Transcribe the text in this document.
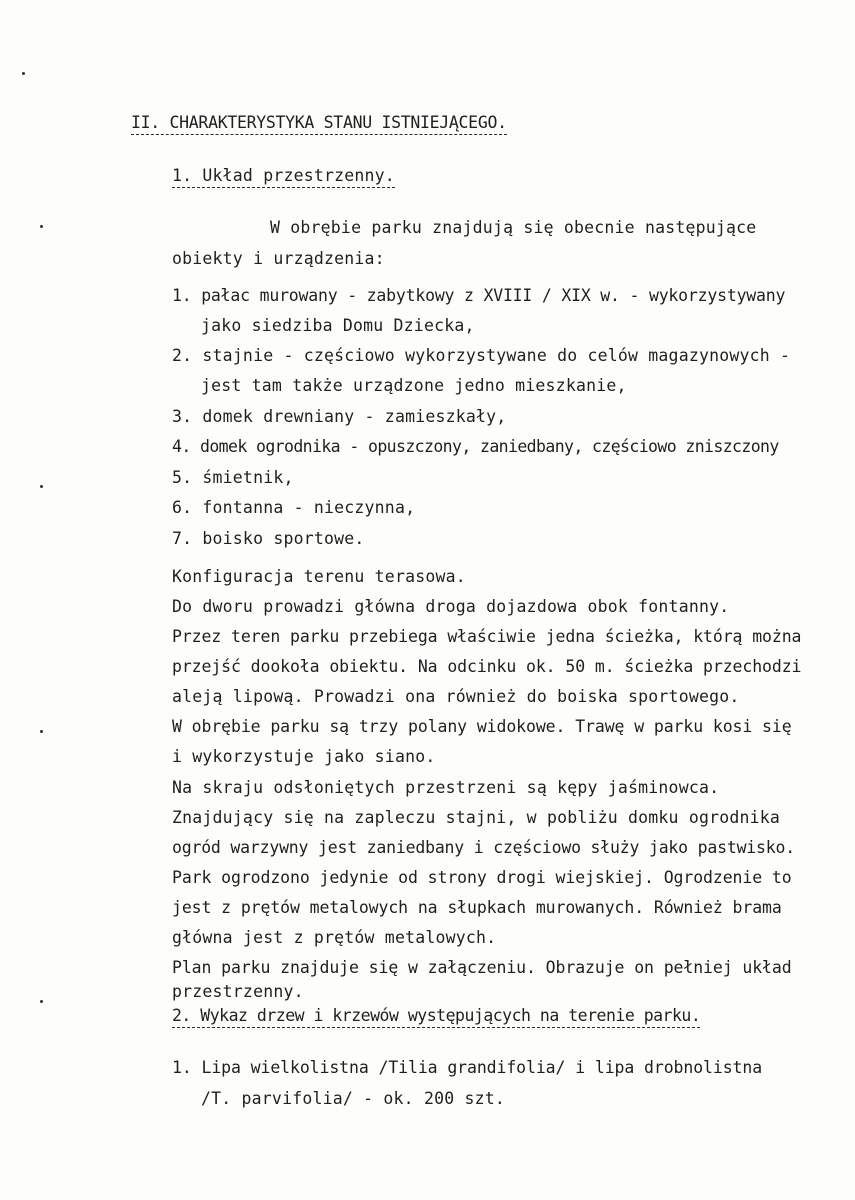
II. CHARAKTERYSTYKA STANU ISTNIEJĄCEGO.
1. Układ przestrzenny.
W obrębie parku znajdują się obecnie następujące
obiekty i urządzenia:
1. pałac murowany - zabytkowy z XVIII / XIX w. - wykorzystywany
jako siedziba Domu Dziecka,
2. stajnie - częściowo wykorzystywane do celów magazynowych -
jest tam także urządzone jedno mieszkanie,
3. domek drewniany - zamieszkały,
4. domek ogrodnika - opuszczony, zaniedbany, częściowo zniszczony
5. śmietnik,
6. fontanna - nieczynna,
7. boisko sportowe.
Konfiguracja terenu terasowa.
Do dworu prowadzi główna droga dojazdowa obok fontanny.
Przez teren parku przebiega właściwie jedna ścieżka, którą można
przejść dookoła obiektu. Na odcinku ok. 50 m. ścieżka przechodzi
aleją lipową. Prowadzi ona również do boiska sportowego.
W obrębie parku są trzy polany widokowe. Trawę w parku kosi się
i wykorzystuje jako siano.
Na skraju odsłoniętych przestrzeni są kępy jaśminowca.
Znajdujący się na zapleczu stajni, w pobliżu domku ogrodnika
ogród warzywny jest zaniedbany i częściowo służy jako pastwisko.
Park ogrodzono jedynie od strony drogi wiejskiej. Ogrodzenie to
jest z prętów metalowych na słupkach murowanych. Również brama
główna jest z prętów metalowych.
Plan parku znajduje się w załączeniu. Obrazuje on pełniej układ
przestrzenny.
2. Wykaz drzew i krzewów występujących na terenie parku.
1. Lipa wielkolistna /Tilia grandifolia/ i lipa drobnolistna
/T. parvifolia/ - ok. 200 szt.
